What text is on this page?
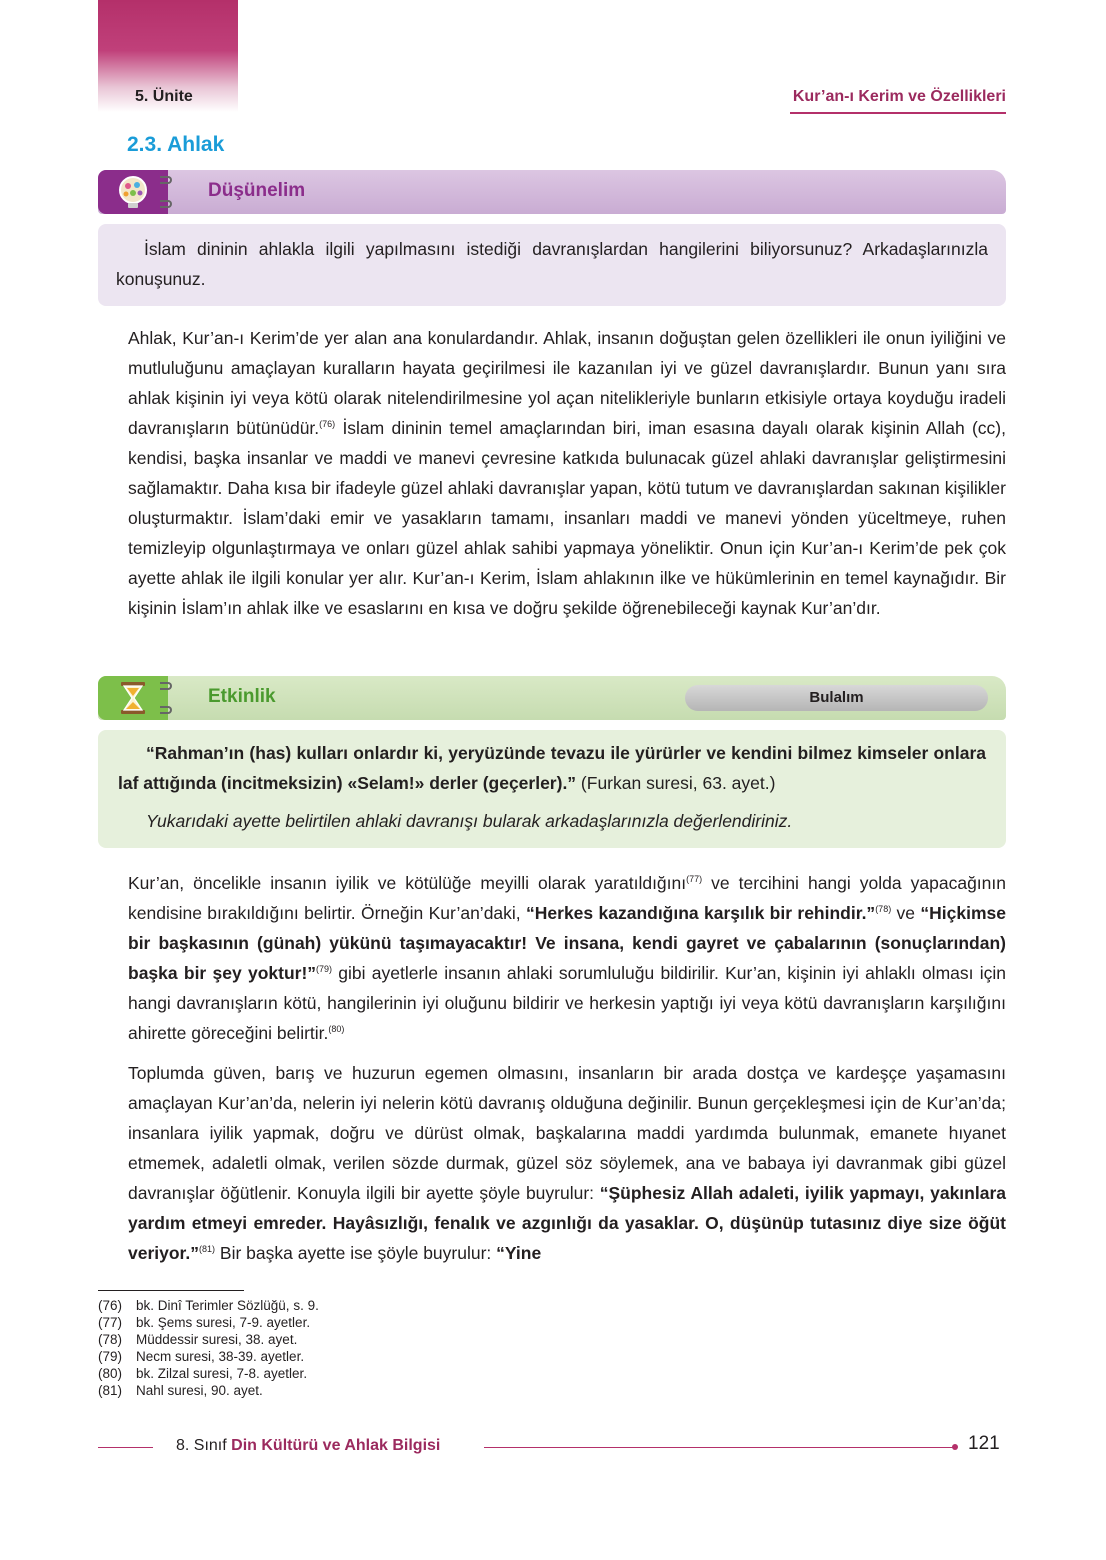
5. Ünite	Kur’an-ı Kerim ve Özellikleri
2.3. Ahlak
Düşünelim
İslam dininin ahlakla ilgili yapılmasını istediği davranışlardan hangilerini biliyorsunuz? Arkadaşlarınızla konuşunuz.
Ahlak, Kur’an-ı Kerim’de yer alan ana konulardandır. Ahlak, insanın doğuştan gelen özellikleri ile onun iyiliğini ve mutluluğunu amaçlayan kuralların hayata geçirilmesi ile kazanılan iyi ve güzel davranışlardır. Bunun yanı sıra ahlak kişinin iyi veya kötü olarak nitelendirilmesine yol açan nitelikleriyle bunların etkisiyle ortaya koyduğu iradeli davranışların bütünüdür.$^{(76)}$ İslam dininin temel amaçlarından biri, iman esasına dayalı olarak kişinin Allah (cc), kendisi, başka insanlar ve maddi ve manevi çevresine katkıda bulunacak güzel ahlaki davranışlar geliştirmesini sağlamaktır. Daha kısa bir ifadeyle güzel ahlaki davranışlar yapan, kötü tutum ve davranışlardan sakınan kişilikler oluşturmaktır. İslam’daki emir ve yasakların tamamı, insanları maddi ve manevi yönden yüceltmeye, ruhen temizleyip olgunlaştırmaya ve onları güzel ahlak sahibi yapmaya yöneliktir. Onun için Kur’an-ı Kerim’de pek çok ayette ahlak ile ilgili konular yer alır. Kur’an-ı Kerim, İslam ahlakının ilke ve hükümlerinin en temel kaynağıdır. Bir kişinin İslam’ın ahlak ilke ve esaslarını en kısa ve doğru şekilde öğrenebileceği kaynak Kur’an’dır.
Etkinlik	Bulalım
“Rahman’ın (has) kulları onlardır ki, yeryüzünde tevazu ile yürürler ve kendini bilmez kimseler onlara laf attığında (incitmeksizin) «Selam!» derler (geçerler).” (Furkan suresi, 63. ayet.)
Yukarıdaki ayette belirtilen ahlaki davranışı bularak arkadaşlarınızla değerlendiriniz.
Kur’an, öncelikle insanın iyilik ve kötülüğe meyilli olarak yaratıldığını$^{(77)}$ ve tercihini hangi yolda yapacağının kendisine bırakıldığını belirtir. Örneğin Kur’an’daki, “Herkes kazandığına karşılık bir rehindir.”$^{(78)}$ ve “Hiçkimse bir başkasının (günah) yükünü taşımayacaktır! Ve insana, kendi gayret ve çabalarının (sonuçlarından) başka bir şey yoktur!”$^{(79)}$ gibi ayetlerle insanın ahlaki sorumluluğu bildirilir. Kur’an, kişinin iyi ahlaklı olması için hangi davranışların kötü, hangilerinin iyi oluğunu bildirir ve herkesin yaptığı iyi veya kötü davranışların karşılığını ahirette göreceğini belirtir.$^{(80)}$
Toplumda güven, barış ve huzurun egemen olmasını, insanların bir arada dostça ve kardeşçe yaşamasını amaçlayan Kur’an’da, nelerin iyi nelerin kötü davranış olduğuna değinilir. Bunun gerçekleşmesi için de Kur’an’da; insanlara iyilik yapmak, doğru ve dürüst olmak, başkalarına maddi yardımda bulunmak, emanete hıyanet etmemek, adaletli olmak, verilen sözde durmak, güzel söz söylemek, ana ve babaya iyi davranmak gibi güzel davranışlar öğütlenir. Konuyla ilgili bir ayette şöyle buyrulur: “Şüphesiz Allah adaleti, iyilik yapmayı, yakınlara yardım etmeyi emreder. Hayâsızlığı, fenalık ve azgınlığı da yasaklar. O, düşünüp tutasınız diye size öğüt veriyor.”$^{(81)}$ Bir başka ayette ise şöyle buyrulur: “Yine
(76)	bk. Dinî Terimler Sözlüğü, s. 9.
(77)	bk. Şems suresi, 7-9. ayetler.
(78)	Müddessir suresi, 38. ayet.
(79)	Necm suresi, 38-39. ayetler.
(80)	bk. Zilzal suresi, 7-8. ayetler.
(81)	Nahl suresi, 90. ayet.
8. Sınıf Din Kültürü ve Ahlak Bilgisi	121
